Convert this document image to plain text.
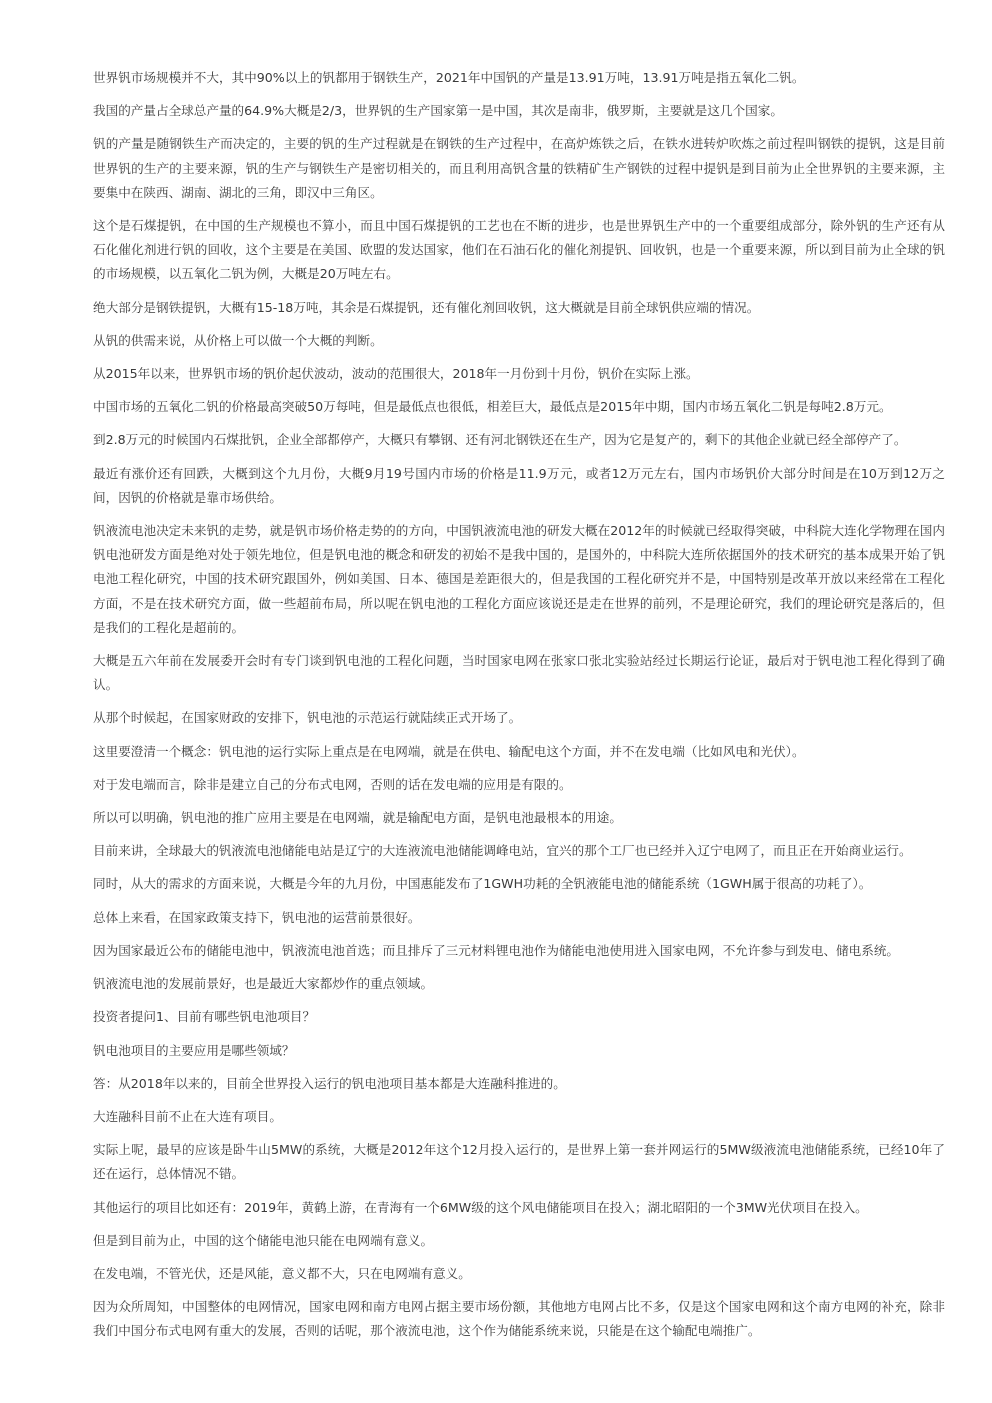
世界钒市场规模并不大，其中90%以上的钒都用于钢铁生产，2021年中国钒的产量是13.91万吨，13.91万吨是指五氧化二钒。

我国的产量占全球总产量的64.9%大概是2/3，世界钒的生产国家第一是中国，其次是南非，俄罗斯，主要就是这几个国家。

钒的产量是随钢铁生产而决定的，主要的钒的生产过程就是在钢铁的生产过程中，在高炉炼铁之后，在铁水进转炉吹炼之前过程叫钢铁的提钒，这是目前世界钒的生产的主要来源，钒的生产与钢铁生产是密切相关的，而且利用高钒含量的铁精矿生产钢铁的过程中提钒是到目前为止全世界钒的主要来源，主要集中在陕西、湖南、湖北的三角，即汉中三角区。

这个是石煤提钒，在中国的生产规模也不算小，而且中国石煤提钒的工艺也在不断的进步，也是世界钒生产中的一个重要组成部分，除外钒的生产还有从石化催化剂进行钒的回收，这个主要是在美国、欧盟的发达国家，他们在石油石化的催化剂提钒、回收钒，也是一个重要来源，所以到目前为止全球的钒的市场规模，以五氧化二钒为例，大概是20万吨左右。

绝大部分是钢铁提钒，大概有15-18万吨，其余是石煤提钒，还有催化剂回收钒，这大概就是目前全球钒供应端的情况。

从钒的供需来说，从价格上可以做一个大概的判断。

从2015年以来，世界钒市场的钒价起伏波动，波动的范围很大，2018年一月份到十月份，钒价在实际上涨。

中国市场的五氧化二钒的价格最高突破50万每吨，但是最低点也很低，相差巨大，最低点是2015年中期，国内市场五氧化二钒是每吨2.8万元。

到2.8万元的时候国内石煤批钒，企业全部都停产，大概只有攀钢、还有河北钢铁还在生产，因为它是复产的，剩下的其他企业就已经全部停产了。

最近有涨价还有回跌，大概到这个九月份，大概9月19号国内市场的价格是11.9万元，或者12万元左右，国内市场钒价大部分时间是在10万到12万之间，因钒的价格就是靠市场供给。

钒液流电池决定未来钒的走势，就是钒市场价格走势的的方向，中国钒液流电池的研发大概在2012年的时候就已经取得突破，中科院大连化学物理在国内钒电池研发方面是绝对处于领先地位，但是钒电池的概念和研发的初始不是我中国的，是国外的，中科院大连所依据国外的技术研究的基本成果开始了钒电池工程化研究，中国的技术研究跟国外，例如美国、日本、德国是差距很大的，但是我国的工程化研究并不是，中国特别是改革开放以来经常在工程化方面，不是在技术研究方面，做一些超前布局，所以呢在钒电池的工程化方面应该说还是走在世界的前列，不是理论研究，我们的理论研究是落后的，但是我们的工程化是超前的。

大概是五六年前在发展委开会时有专门谈到钒电池的工程化问题，当时国家电网在张家口张北实验站经过长期运行论证，最后对于钒电池工程化得到了确认。

从那个时候起，在国家财政的安排下，钒电池的示范运行就陆续正式开场了。

这里要澄清一个概念：钒电池的运行实际上重点是在电网端，就是在供电、输配电这个方面，并不在发电端（比如风电和光伏）。

对于发电端而言，除非是建立自己的分布式电网，否则的话在发电端的应用是有限的。

所以可以明确，钒电池的推广应用主要是在电网端，就是输配电方面，是钒电池最根本的用途。

目前来讲，全球最大的钒液流电池储能电站是辽宁的大连液流电池储能调峰电站，宜兴的那个工厂也已经并入辽宁电网了，而且正在开始商业运行。

同时，从大的需求的方面来说，大概是今年的九月份，中国惠能发布了1GWH功耗的全钒液能电池的储能系统（1GWH属于很高的功耗了）。

总体上来看，在国家政策支持下，钒电池的运营前景很好。

因为国家最近公布的储能电池中，钒液流电池首选；而且排斥了三元材料锂电池作为储能电池使用进入国家电网，不允许参与到发电、储电系统。

钒液流电池的发展前景好，也是最近大家都炒作的重点领域。

投资者提问1、目前有哪些钒电池项目？

钒电池项目的主要应用是哪些领域？

答：从2018年以来的，目前全世界投入运行的钒电池项目基本都是大连融科推进的。

大连融科目前不止在大连有项目。

实际上呢，最早的应该是卧牛山5MW的系统，大概是2012年这个12月投入运行的，是世界上第一套并网运行的5MW级液流电池储能系统，已经10年了还在运行，总体情况不错。

其他运行的项目比如还有：2019年，黄鹤上游，在青海有一个6MW级的这个风电储能项目在投入；湖北昭阳的一个3MW光伏项目在投入。

但是到目前为止，中国的这个储能电池只能在电网端有意义。

在发电端，不管光伏，还是风能，意义都不大，只在电网端有意义。

因为众所周知，中国整体的电网情况，国家电网和南方电网占据主要市场份额，其他地方电网占比不多，仅是这个国家电网和这个南方电网的补充，除非我们中国分布式电网有重大的发展，否则的话呢，那个液流电池，这个作为储能系统来说，只能是在这个输配电端推广。
